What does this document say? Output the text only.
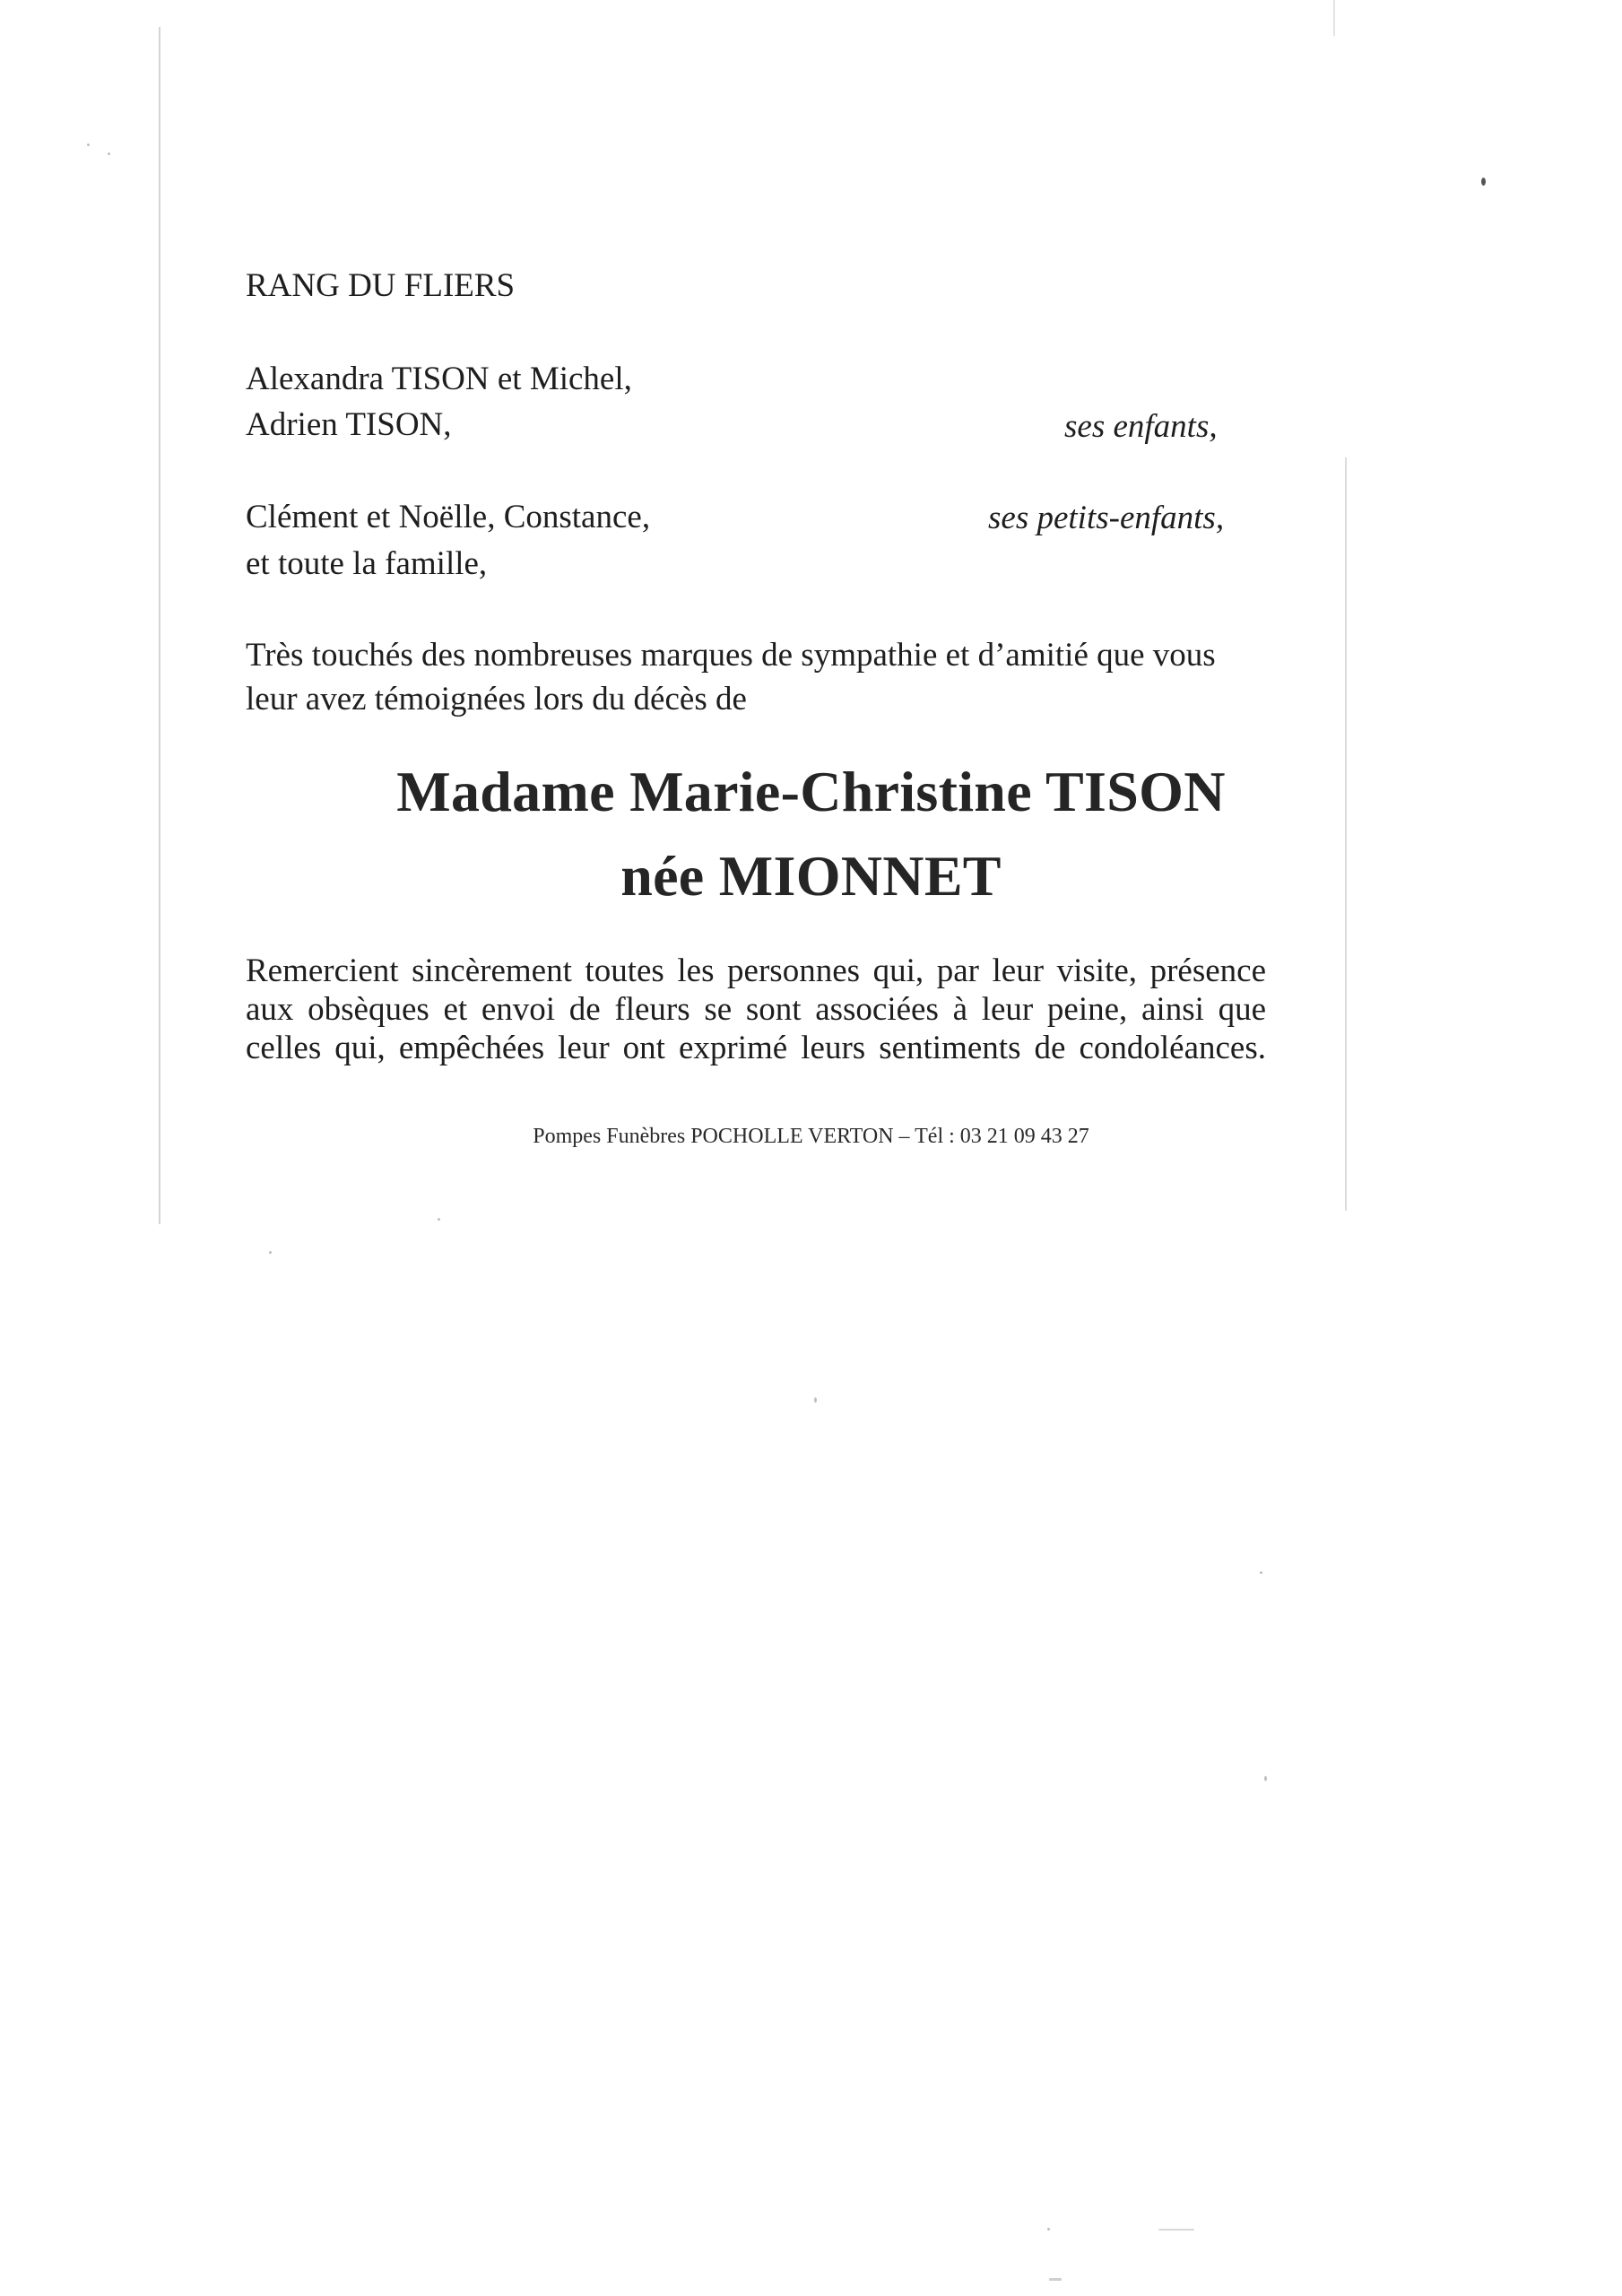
RANG DU FLIERS
Alexandra TISON et Michel,
Adrien TISON,	ses enfants,
Clément et Noëlle, Constance,	ses petits-enfants,
et toute la famille,
Très touchés des nombreuses marques de sympathie et d’amitié que vous
leur avez témoignées lors du décès de
Madame Marie-Christine TISON
née MIONNET
Remercient sincèrement toutes les personnes qui, par leur visite, présence
aux obsèques et envoi de fleurs se sont associées à leur peine, ainsi que
celles qui, empêchées leur ont exprimé leurs sentiments de condoléances.
Pompes Funèbres POCHOLLE VERTON – Tél : 03 21 09 43 27
